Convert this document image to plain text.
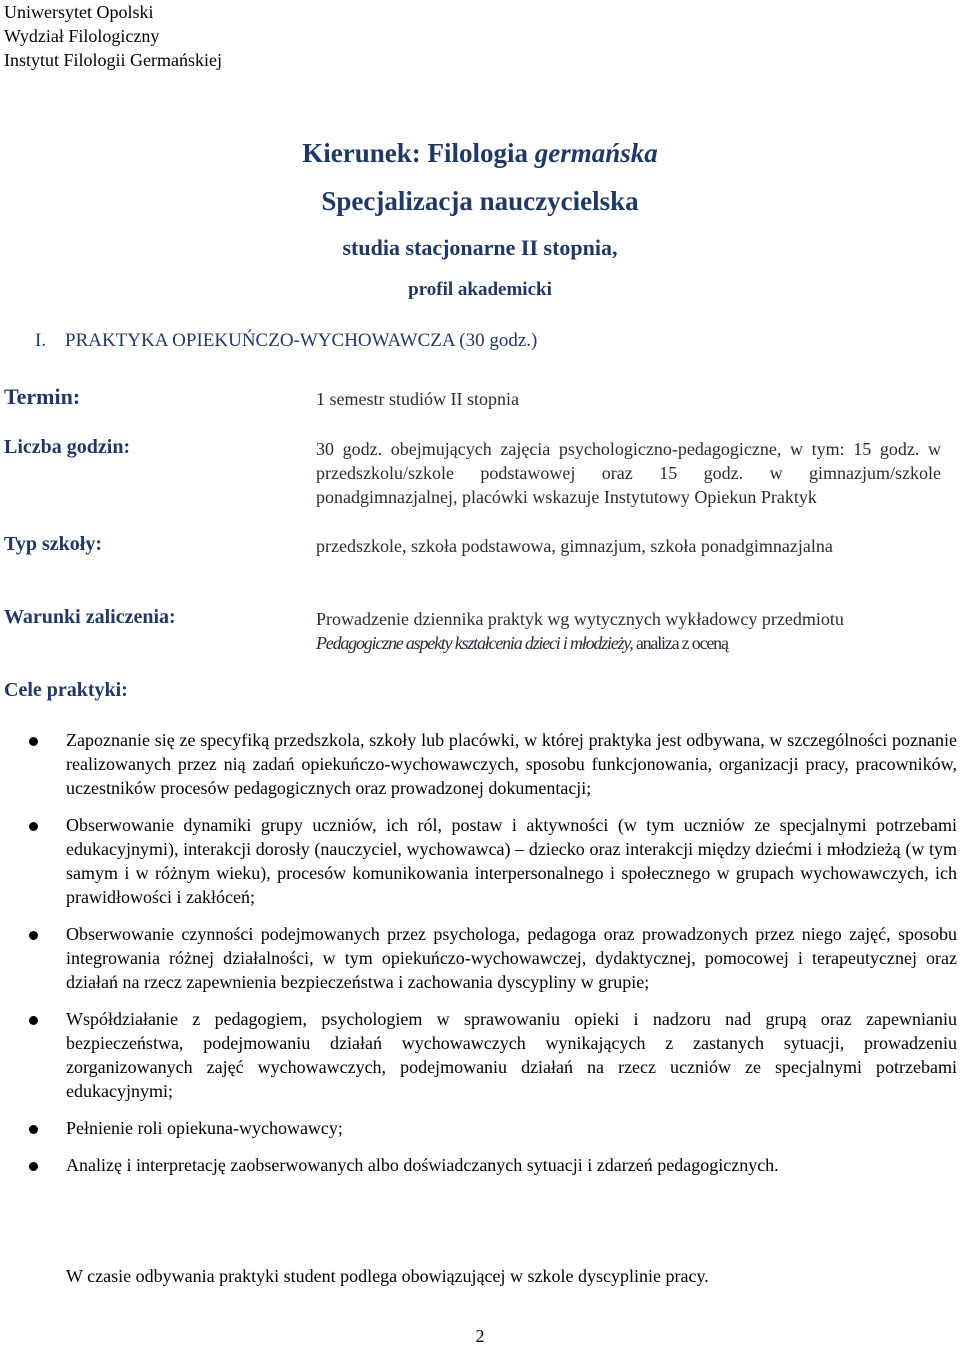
Uniwersytet Opolski
Wydział Filologiczny
Instytut Filologii Germańskiej
Kierunek: Filologia germańska
Specjalizacja nauczycielska
studia stacjonarne II stopnia,
profil akademicki
I. PRAKTYKA OPIEKUŃCZO-WYCHOWAWCZA (30 godz.)
Termin:	1 semestr studiów II stopnia
Liczba godzin:	30 godz. obejmujących zajęcia psychologiczno-pedagogiczne, w tym: 15 godz. w przedszkolu/szkole podstawowej oraz 15 godz. w gimnazjum/szkole ponadgimnazjalnej, placówki wskazuje Instytutowy Opiekun Praktyk
Typ szkoły:	przedszkole, szkoła podstawowa, gimnazjum, szkoła ponadgimnazjalna
Warunki zaliczenia:	Prowadzenie dziennika praktyk wg wytycznych wykładowcy przedmiotu
Pedagogiczne aspekty kształcenia dzieci i młodzieży, analiza z oceną
Cele praktyki:
Zapoznanie się ze specyfiką przedszkola, szkoły lub placówki, w której praktyka jest odbywana, w szczególności poznanie realizowanych przez nią zadań opiekuńczo-wychowawczych, sposobu funkcjonowania, organizacji pracy, pracowników, uczestników procesów pedagogicznych oraz prowadzonej dokumentacji;
Obserwowanie dynamiki grupy uczniów, ich ról, postaw i aktywności (w tym uczniów ze specjalnymi potrzebami edukacyjnymi), interakcji dorosły (nauczyciel, wychowawca) – dziecko oraz interakcji między dziećmi i młodzieżą (w tym samym i w różnym wieku), procesów komunikowania interpersonalnego i społecznego w grupach wychowawczych, ich prawidłowości i zakłóceń;
Obserwowanie czynności podejmowanych przez psychologa, pedagoga oraz prowadzonych przez niego zajęć, sposobu integrowania różnej działalności, w tym opiekuńczo-wychowawczej, dydaktycznej, pomocowej i terapeutycznej oraz działań na rzecz zapewnienia bezpieczeństwa i zachowania dyscypliny w grupie;
Współdziałanie z pedagogiem, psychologiem w sprawowaniu opieki i nadzoru nad grupą oraz zapewnianiu bezpieczeństwa, podejmowaniu działań wychowawczych wynikających z zastanych sytuacji, prowadzeniu zorganizowanych zajęć wychowawczych, podejmowaniu działań na rzecz uczniów ze specjalnymi potrzebami edukacyjnymi;
Pełnienie roli opiekuna-wychowawcy;
Analizę i interpretację zaobserwowanych albo doświadczanych sytuacji i zdarzeń pedagogicznych.
W czasie odbywania praktyki student podlega obowiązującej w szkole dyscyplinie pracy.
2
